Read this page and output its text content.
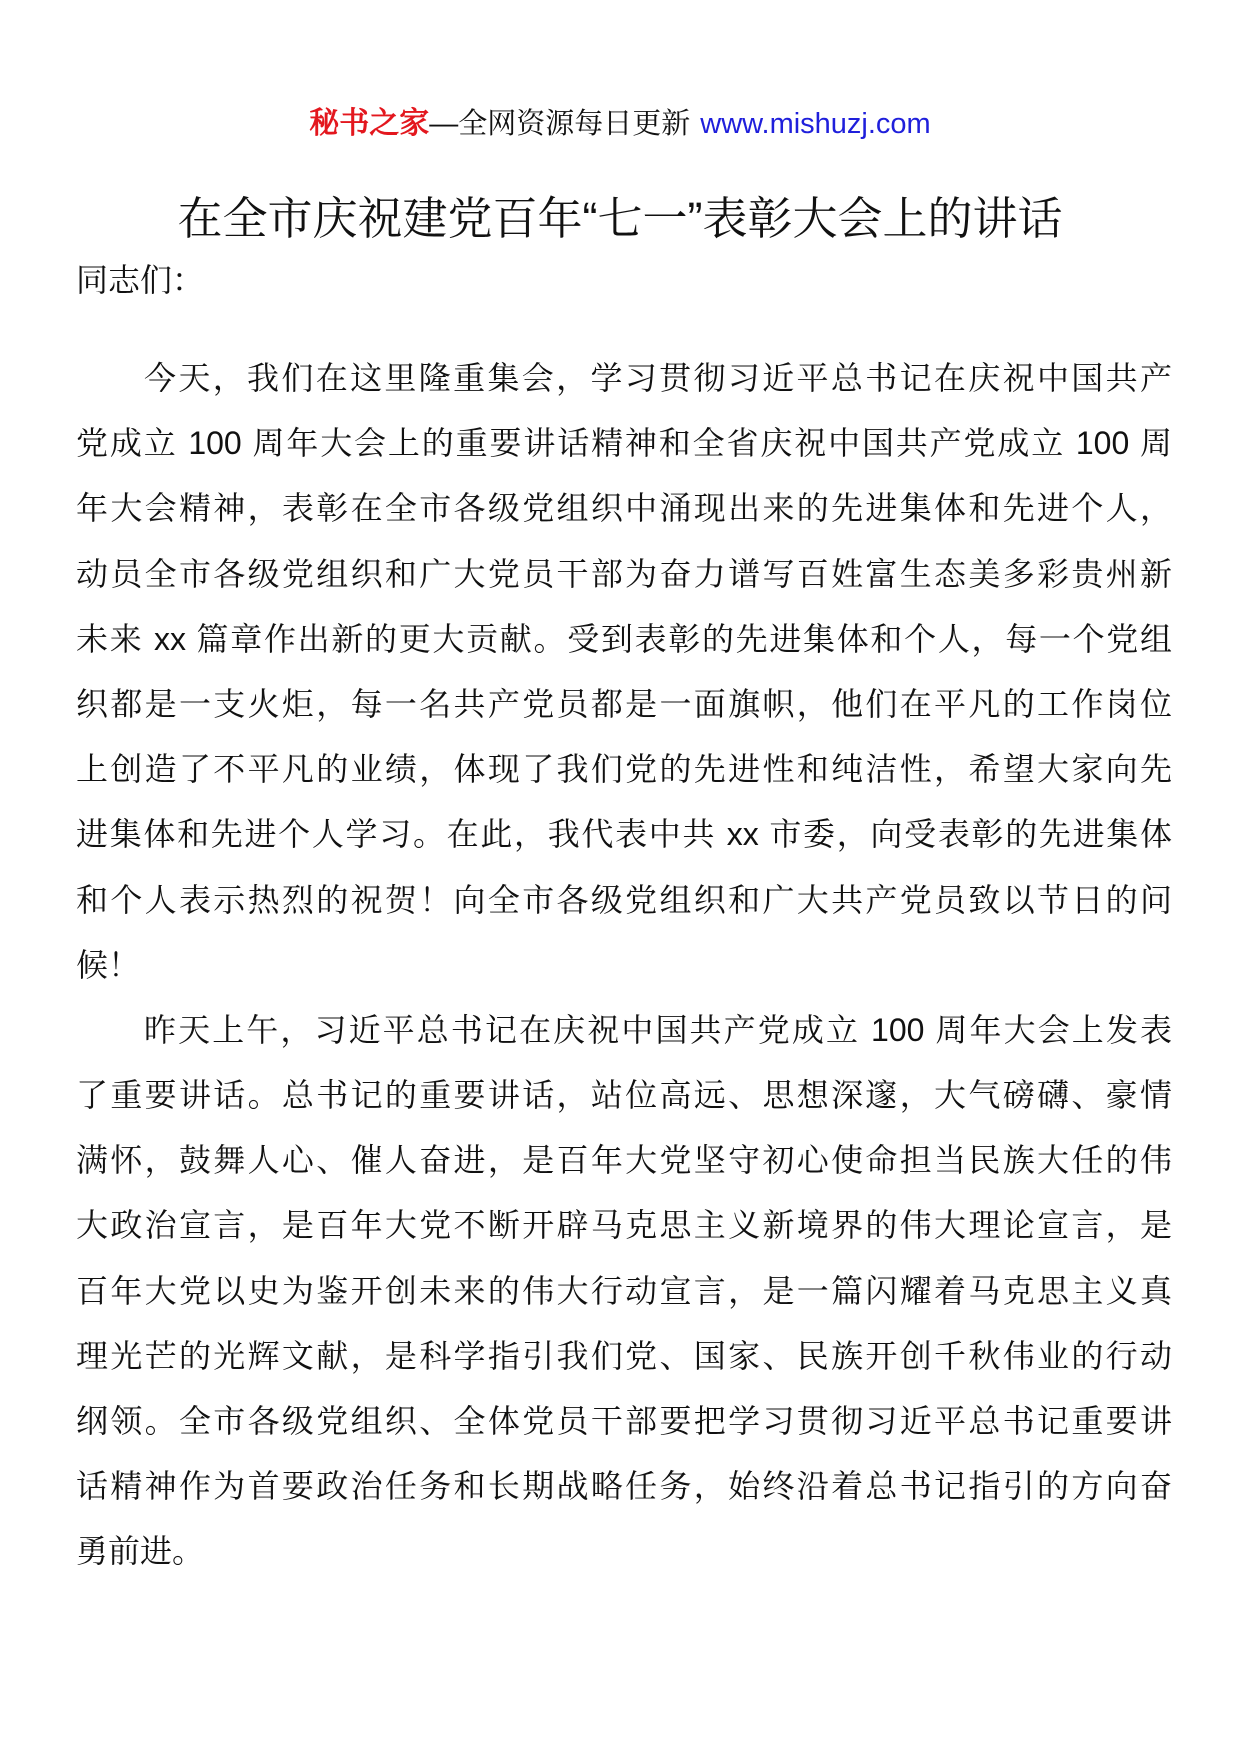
秘书之家—全网资源每日更新 www.mishuzj.com
在全市庆祝建党百年“七一”表彰大会上的讲话
同志们：
今天，我们在这里隆重集会，学习贯彻习近平总书记在庆祝中国共产
党成立 100 周年大会上的重要讲话精神和全省庆祝中国共产党成立 100 周
年大会精神，表彰在全市各级党组织中涌现出来的先进集体和先进个人，
动员全市各级党组织和广大党员干部为奋力谱写百姓富生态美多彩贵州新
未来 xx 篇章作出新的更大贡献。受到表彰的先进集体和个人，每一个党组
织都是一支火炬，每一名共产党员都是一面旗帜，他们在平凡的工作岗位
上创造了不平凡的业绩，体现了我们党的先进性和纯洁性，希望大家向先
进集体和先进个人学习。在此，我代表中共 xx 市委，向受表彰的先进集体
和个人表示热烈的祝贺！向全市各级党组织和广大共产党员致以节日的问
候！
昨天上午，习近平总书记在庆祝中国共产党成立 100 周年大会上发表
了重要讲话。总书记的重要讲话，站位高远、思想深邃，大气磅礴、豪情
满怀，鼓舞人心、催人奋进，是百年大党坚守初心使命担当民族大任的伟
大政治宣言，是百年大党不断开辟马克思主义新境界的伟大理论宣言，是
百年大党以史为鉴开创未来的伟大行动宣言，是一篇闪耀着马克思主义真
理光芒的光辉文献，是科学指引我们党、国家、民族开创千秋伟业的行动
纲领。全市各级党组织、全体党员干部要把学习贯彻习近平总书记重要讲
话精神作为首要政治任务和长期战略任务，始终沿着总书记指引的方向奋
勇前进。
